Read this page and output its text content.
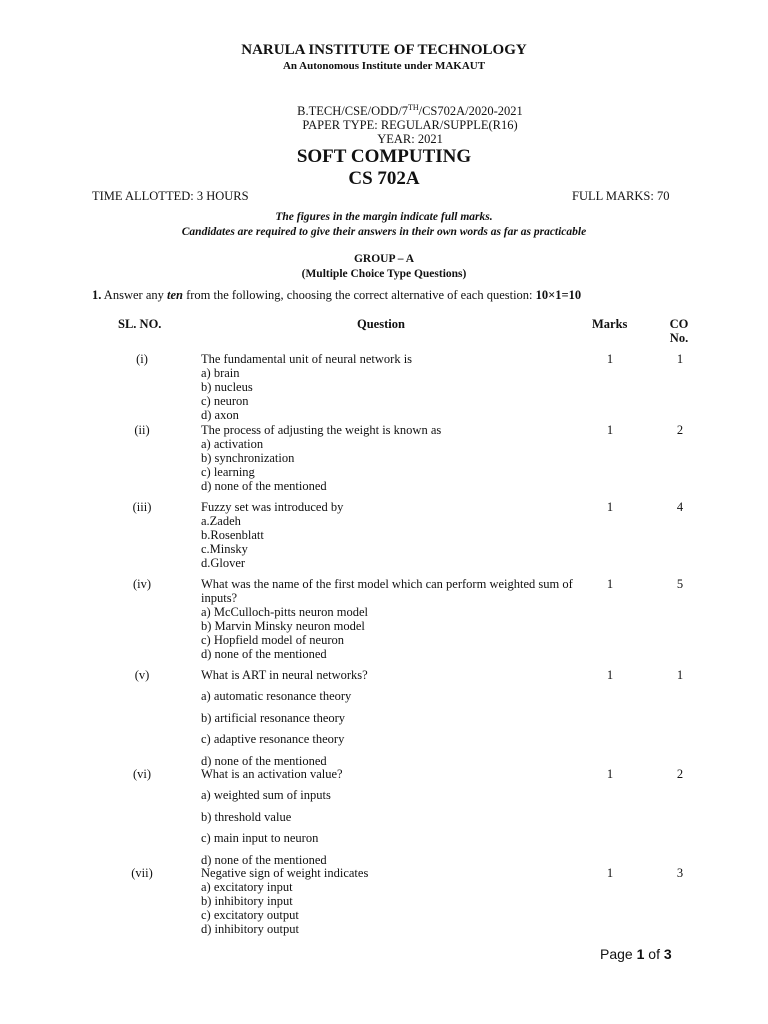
NARULA INSTITUTE OF TECHNOLOGY
An Autonomous Institute under MAKAUT
B.TECH/CSE/ODD/7TH/CS702A/2020-2021
PAPER TYPE: REGULAR/SUPPLE(R16)
YEAR: 2021
SOFT COMPUTING
CS 702A
TIME ALLOTTED: 3 HOURS	FULL MARKS: 70
The figures in the margin indicate full marks.
Candidates are required to give their answers in their own words as far as practicable
GROUP – A
(Multiple Choice Type Questions)
1. Answer any ten from the following, choosing the correct alternative of each question: 10×1=10
SL. NO.	Question	Marks	CO
No.
(i)	The fundamental unit of neural network is
a) brain
b) nucleus
c) neuron
d) axon
1	1
(ii)	The process of adjusting the weight is known as
a) activation
b) synchronization
c) learning
d) none of the mentioned
1	2
(iii)	Fuzzy set was introduced by
a.Zadeh
b.Rosenblatt
c.Minsky
d.Glover
1	4
(iv)	What was the name of the first model which can perform weighted sum of inputs?
a) McCulloch-pitts neuron model
b) Marvin Minsky neuron model
c) Hopfield model of neuron
d) none of the mentioned
1	5
(v)	What is ART in neural networks?
a) automatic resonance theory
b) artificial resonance theory
c) adaptive resonance theory
d) none of the mentioned
1	1
(vi)	What is an activation value?
a) weighted sum of inputs
b) threshold value
c) main input to neuron
d) none of the mentioned
1	2
(vii)	Negative sign of weight indicates
a) excitatory input
b) inhibitory input
c) excitatory output
d) inhibitory output
1	3
Page 1 of 3
